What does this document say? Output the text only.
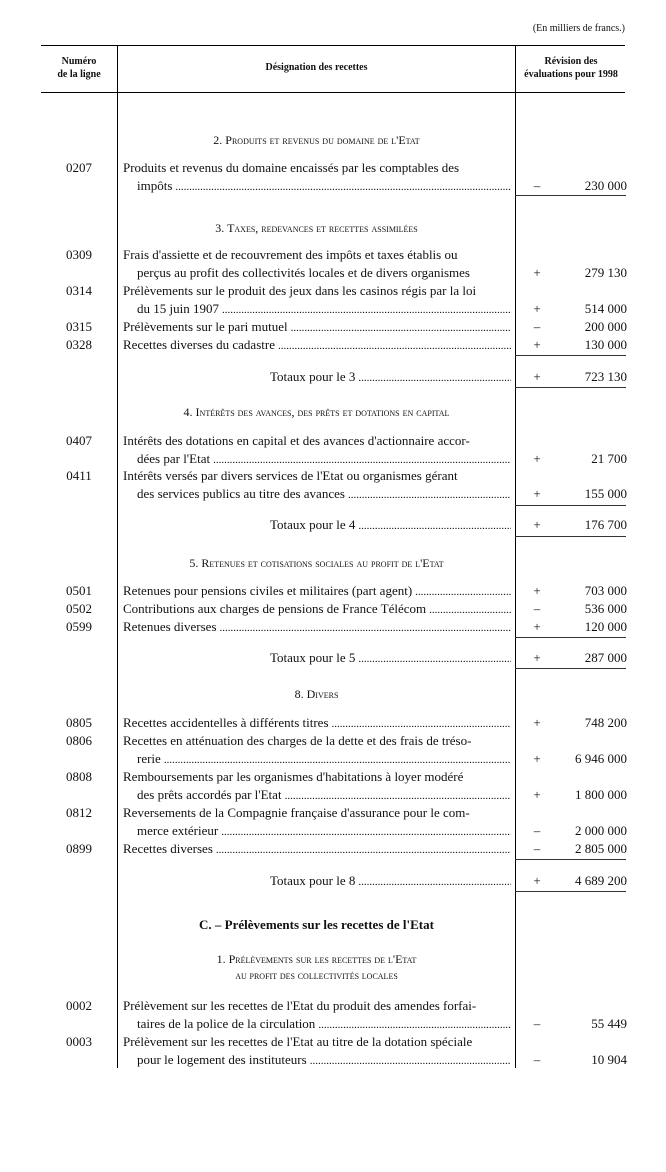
(En milliers de francs.)
Numéro
de la ligne
Désignation des recettes
Révision des
évaluations pour 1998
2. Produits et revenus du domaine de l'Etat
0207	Produits et revenus du domaine encaissés par les comptables des
impôts .....	–	230 000
3. Taxes, redevances et recettes assimilées
0309	Frais d'assiette et de recouvrement des impôts et taxes établis ou
perçus au profit des collectivités locales et de divers organismes	+	279 130
0314	Prélèvements sur le produit des jeux dans les casinos régis par la loi
du 15 juin 1907 .....	+	514 000
0315	Prélèvements sur le pari mutuel .....	–	200 000
0328	Recettes diverses du cadastre .....	+	130 000
Totaux pour le 3 .....	+	723 130
4. Intérêts des avances, des prêts et dotations en capital
0407	Intérêts des dotations en capital et des avances d'actionnaire accor-
dées par l'Etat .....	+	21 700
0411	Intérêts versés par divers services de l'Etat ou organismes gérant
des services publics au titre des avances .....	+	155 000
Totaux pour le 4 .....	+	176 700
5. Retenues et cotisations sociales au profit de l'Etat
0501	Retenues pour pensions civiles et militaires (part agent) .....	+	703 000
0502	Contributions aux charges de pensions de France Télécom .....	–	536 000
0599	Retenues diverses .....	+	120 000
Totaux pour le 5 .....	+	287 000
8. Divers
0805	Recettes accidentelles à différents titres .....	+	748 200
0806	Recettes en atténuation des charges de la dette et des frais de tréso-
rerie .....	+	6 946 000
0808	Remboursements par les organismes d'habitations à loyer modéré
des prêts accordés par l'Etat .....	+	1 800 000
0812	Reversements de la Compagnie française d'assurance pour le com-
merce extérieur .....	–	2 000 000
0899	Recettes diverses .....	–	2 805 000
Totaux pour le 8 .....	+	4 689 200
C. – Prélèvements sur les recettes de l'Etat
1. Prélèvements sur les recettes de l'Etat
au profit des collectivités locales
0002	Prélèvement sur les recettes de l'Etat du produit des amendes forfai-
taires de la police de la circulation .....	–	55 449
0003	Prélèvement sur les recettes de l'Etat au titre de la dotation spéciale
pour le logement des instituteurs .....	–	10 904
